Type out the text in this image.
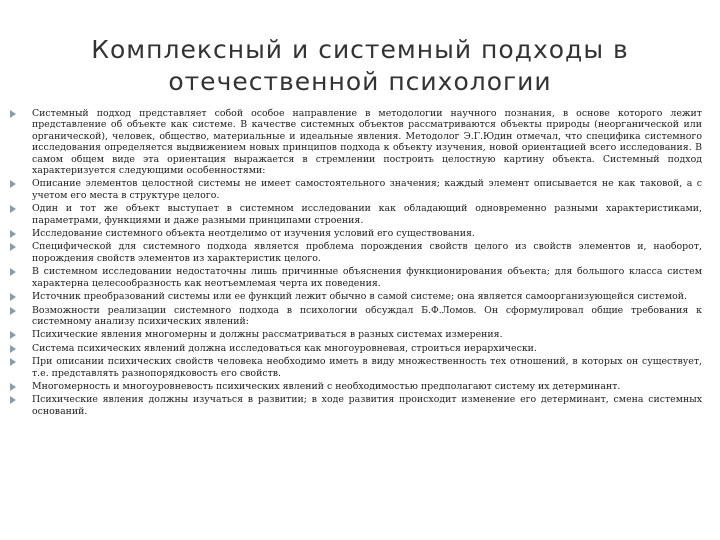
Комплексный и системный подходы в
отечественной психологии
Системный подход представляет собой особое направление в методологии научного познания, в основе которого лежит представление об объекте как системе. В качестве системных объектов рассматриваются объекты природы (неорганической или органической), человек, общество, материальные и идеальные явления. Методолог Э.Г.Юдин отмечал, что специфика системного исследования определяется выдвижением новых принципов подхода к объекту изучения, новой ориентацией всего исследования. В самом общем виде эта ориентация выражается в стремлении построить целостную картину объекта. Системный подход характеризуется следующими особенностями:
Описание элементов целостной системы не имеет самостоятельного значения; каждый элемент описывается не как таковой, а с учетом его места в структуре целого.
Один и тот же объект выступает в системном исследовании как обладающий одновременно разными характеристиками, параметрами, функциями и даже разными принципами строения.
Исследование системного объекта неотделимо от изучения условий его существования.
Специфической для системного подхода является проблема порождения свойств целого из свойств элементов и, наоборот, порождения свойств элементов из характеристик целого.
В системном исследовании недостаточны лишь причинные объяснения функционирования объекта; для большого класса систем характерна целесообразность как неотъемлемая черта их поведения.
Источник преобразований системы или ее функций лежит обычно в самой системе; она является самоорганизующейся системой.
Возможности реализации системного подхода в психологии обсуждал Б.Ф.Ломов. Он сформулировал общие требования к системному анализу психических явлений:
Психические явления многомерны и должны рассматриваться в разных системах измерения.
Система психических явлений должна исследоваться как многоуровневая, строиться иерархически.
При описании психических свойств человека необходимо иметь в виду множественность тех отношений, в которых он существует, т.е. представлять разнопорядковость его свойств.
Многомерность и многоуровневость психических явлений с необходимостью предполагают систему их детерминант.
Психические явления должны изучаться в развитии; в ходе развития происходит изменение его детерминант, смена системных оснований.
